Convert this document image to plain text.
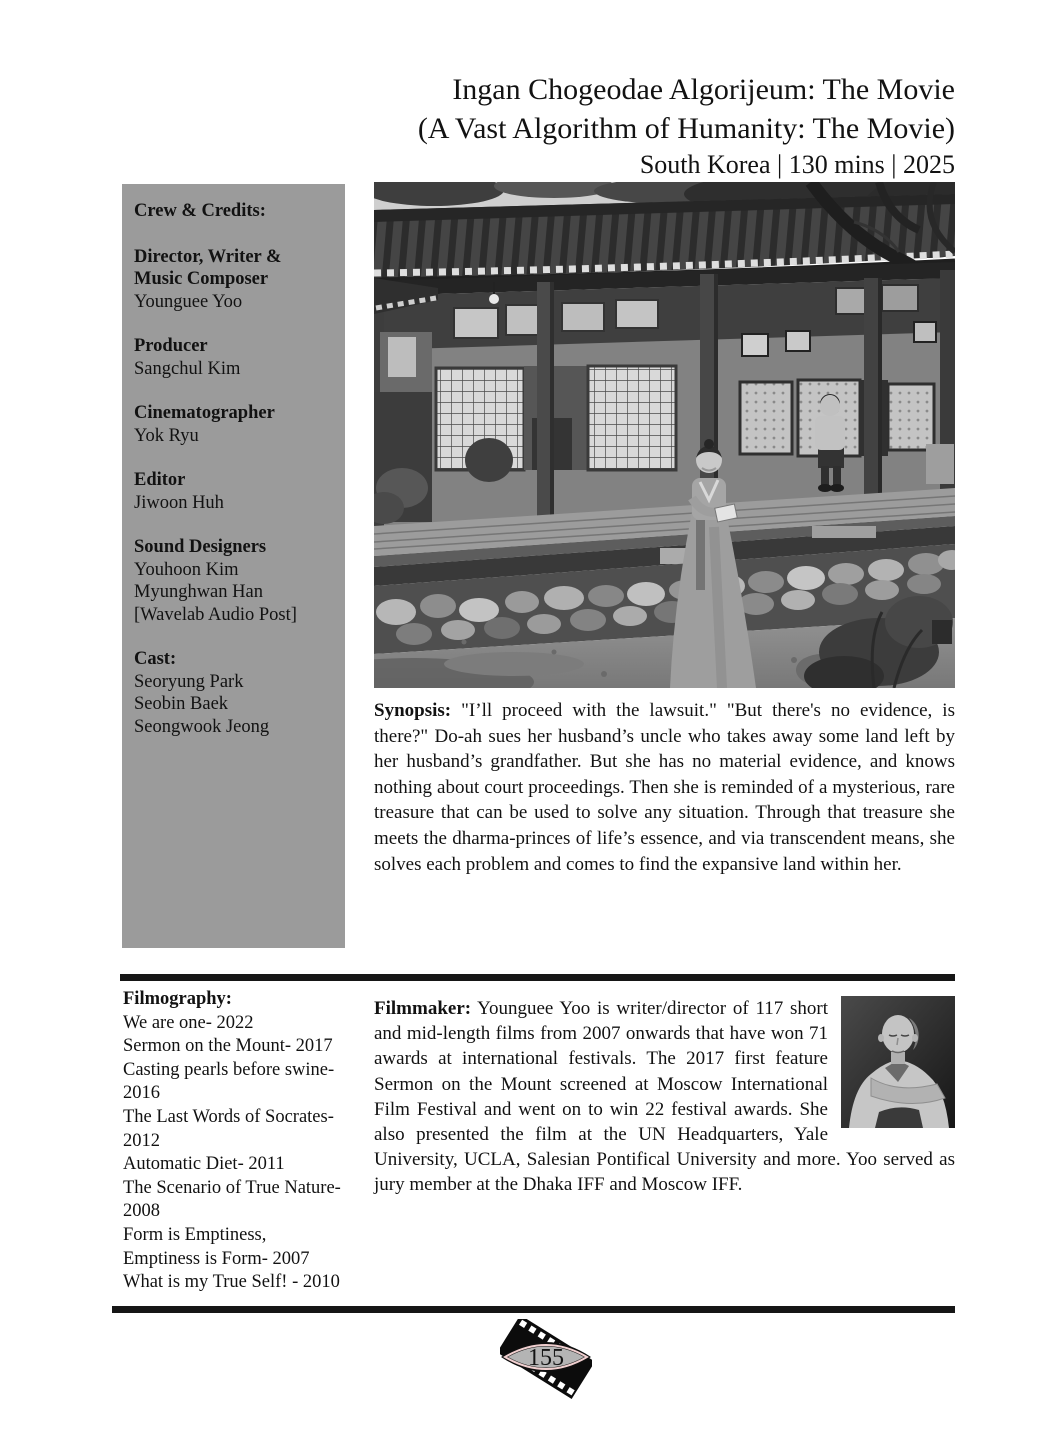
Ingan Chogeodae Algorijeum: The Movie
(A Vast Algorithm of Humanity: The Movie)
South Korea | 130 mins | 2025
Crew & Credits:
Director, Writer & Music Composer
Younguee Yoo
Producer
Sangchul Kim
Cinematographer
Yok Ryu
Editor
Jiwoon Huh
Sound Designers
Youhoon Kim
Myunghwan Han [Wavelab Audio Post]
Cast:
Seoryung Park
Seobin Baek
Seongwook Jeong

Synopsis: "I’ll proceed with the lawsuit." "But there's no evidence, is there?" Do-ah sues her husband’s uncle who takes away some land left by her husband’s grandfather. But she has no material evidence, and knows nothing about court proceedings. Then she is reminded of a mysterious, rare treasure that can be used to solve any situation. Through that treasure she meets the dharma-princes of life’s essence, and via transcendent means, she solves each problem and comes to find the expansive land within her.

Filmography:
We are one- 2022
Sermon on the Mount- 2017
Casting pearls before swine- 2016
The Last Words of Socrates- 2012
Automatic Diet- 2011
The Scenario of True Nature- 2008
Form is Emptiness, Emptiness is Form- 2007
What is my True Self! - 2010
Filmmaker: Younguee Yoo is writer/director of 117 short and mid-length films from 2007 onwards that have won 71 awards at international festivals. The 2017 first feature Sermon on the Mount screened at Moscow International Film Festival and went on to win 22 festival awards. She also presented the film at the UN Headquarters, Yale University, UCLA, Salesian Pontifical University and more. Yoo served as jury member at the Dhaka IFF and Moscow IFF.
155
